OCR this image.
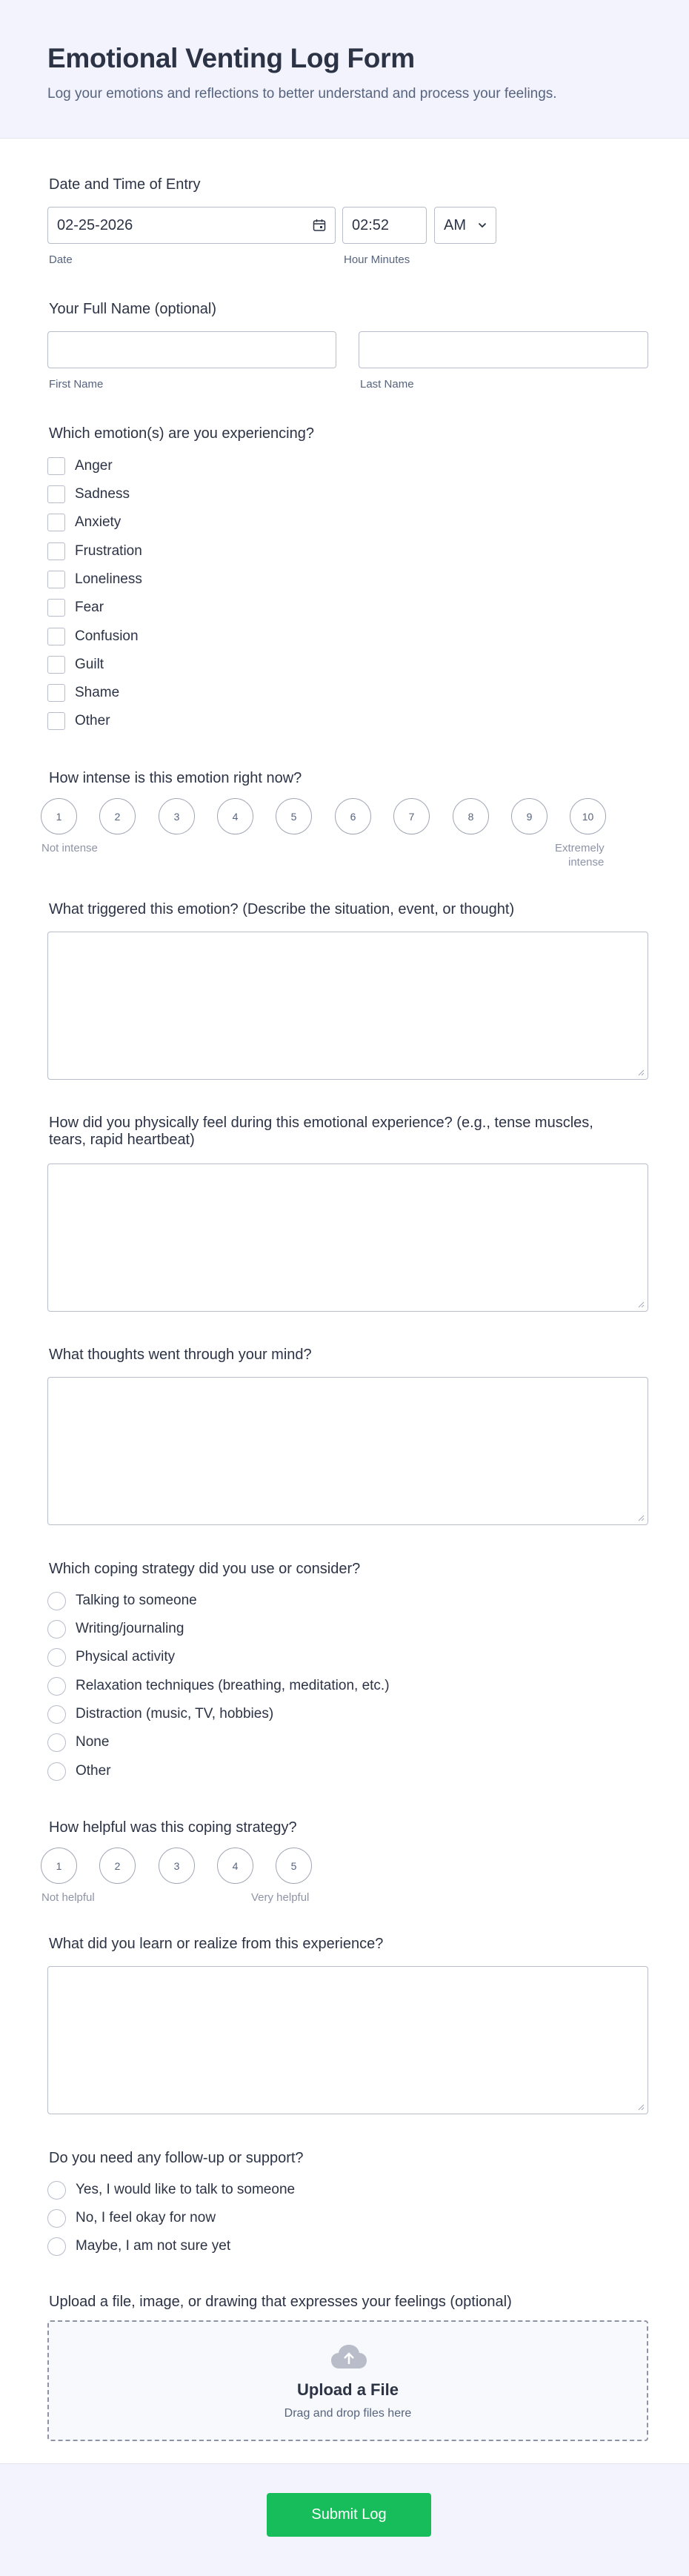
Emotional Venting Log Form

Log your emotions and reflections to better understand and process your feelings.

Date and Time of Entry
02-25-2026	02:52	AM
Date	Hour Minutes
Your Full Name (optional)
First Name	Last Name
Which emotion(s) are you experiencing?
Anger
Sadness
Anxiety
Frustration
Loneliness
Fear
Confusion
Guilt
Shame
Other
How intense is this emotion right now?
1	2	3	4	5	6	7	8	9	10
Not intense	Extremely
intense
What triggered this emotion? (Describe the situation, event, or thought)
How did you physically feel during this emotional experience? (e.g., tense muscles,
tears, rapid heartbeat)
What thoughts went through your mind?
Which coping strategy did you use or consider?
Talking to someone
Writing/journaling
Physical activity
Relaxation techniques (breathing, meditation, etc.)
Distraction (music, TV, hobbies)
None
Other
How helpful was this coping strategy?
1	2	3	4	5
Not helpful	Very helpful
What did you learn or realize from this experience?
Do you need any follow-up or support?
Yes, I would like to talk to someone
No, I feel okay for now
Maybe, I am not sure yet
Upload a file, image, or drawing that expresses your feelings (optional)
Upload a File
Drag and drop files here
Submit Log
